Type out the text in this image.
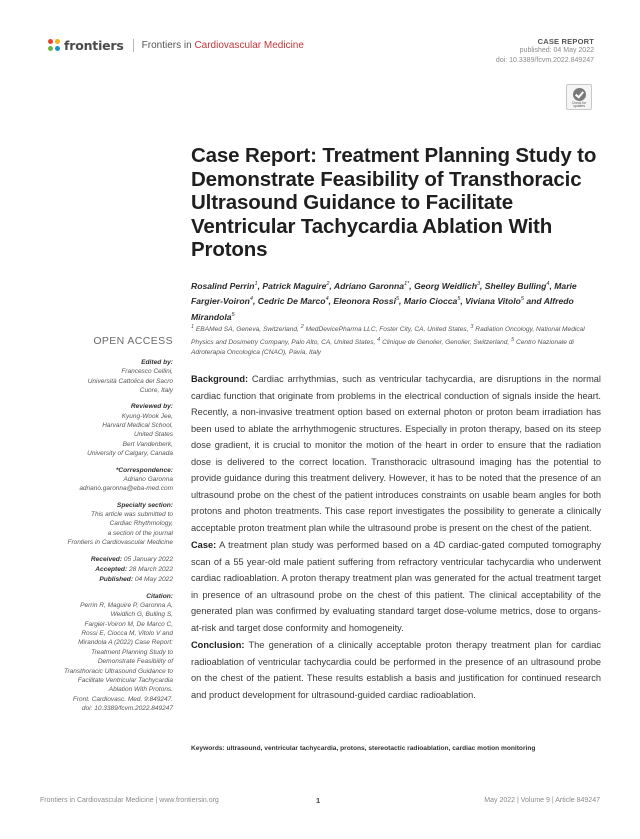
frontiers Frontiers in Cardiovascular Medicine	CASE REPORT
published: 04 May 2022
doi: 10.3389/fcvm.2022.849247
Check for updates
Case Report: Treatment Planning Study to Demonstrate Feasibility of Transthoracic Ultrasound Guidance to Facilitate Ventricular Tachycardia Ablation With Protons
Rosalind Perrin$^1$, Patrick Maguire$^2$, Adriano Garonna$^{1*}$, Georg Weidlich$^3$, Shelley Bulling$^4$, Marie Fargier-Voiron$^4$, Cedric De Marco$^4$, Eleonora Rossi$^5$, Mario Ciocca$^5$, Viviana Vitolo$^5$ and Alfredo Mirandola$^5$
$^1$ EBAMed SA, Geneva, Switzerland, $^2$ MedDevicePharma LLC, Foster City, CA, United States, $^3$ Radiation Oncology, National Medical Physics and Dosimetry Company, Palo Alto, CA, United States, $^4$ Clinique de Genolier, Genolier, Switzerland, $^5$ Centro Nazionale di Adroterapia Oncologica (CNAO), Pavia, Italy
OPEN ACCESS
Edited by:
Francesco Cellini,
Università Cattolica del Sacro
Cuore, Italy
Reviewed by:
Kyung-Wook Jee,
Harvard Medical School,
United States
Bert Vandenberk,
University of Calgary, Canada
*Correspondence:
Adriano Garonna
adriano.garonna@eba-med.com
Specialty section:
This article was submitted to
Cardiac Rhythmology,
a section of the journal
Frontiers in Cardiovascular Medicine
Received: 05 January 2022
Accepted: 28 March 2022
Published: 04 May 2022
Citation:
Perrin R, Maguire P, Garonna A,
Weidlich G, Bulling S,
Fargier-Voiron M, De Marco C,
Rossi E, Ciocca M, Vitolo V and
Mirandola A (2022) Case Report:
Treatment Planning Study to
Demonstrate Feasibility of
Transthoracic Ultrasound Guidance to
Facilitate Ventricular Tachycardia
Ablation With Protons.
Front. Cardiovasc. Med. 9:849247.
doi: 10.3389/fcvm.2022.849247

Background: Cardiac arrhythmias, such as ventricular tachycardia, are disruptions in the normal cardiac function that originate from problems in the electrical conduction of signals inside the heart. Recently, a non-invasive treatment option based on external photon or proton beam irradiation has been used to ablate the arrhythmogenic structures. Especially in proton therapy, based on its steep dose gradient, it is crucial to monitor the motion of the heart in order to ensure that the radiation dose is delivered to the correct location. Transthoracic ultrasound imaging has the potential to provide guidance during this treatment delivery. However, it has to be noted that the presence of an ultrasound probe on the chest of the patient introduces constraints on usable beam angles for both protons and photon treatments. This case report investigates the possibility to generate a clinically acceptable proton treatment plan while the ultrasound probe is present on the chest of the patient.

Case: A treatment plan study was performed based on a 4D cardiac-gated computed tomography scan of a 55 year-old male patient suffering from refractory ventricular tachycardia who underwent cardiac radioablation. A proton therapy treatment plan was generated for the actual treatment target in presence of an ultrasound probe on the chest of this patient. The clinical acceptability of the generated plan was confirmed by evaluating standard target dose-volume metrics, dose to organs-at-risk and target dose conformity and homogeneity.

Conclusion: The generation of a clinically acceptable proton therapy treatment plan for cardiac radioablation of ventricular tachycardia could be performed in the presence of an ultrasound probe on the chest of the patient. These results establish a basis and justification for continued research and product development for ultrasound-guided cardiac radioablation.

Keywords: ultrasound, ventricular tachycardia, protons, stereotactic radioablation, cardiac motion monitoring
Frontiers in Cardiovascular Medicine | www.frontiersin.org	1	May 2022 | Volume 9 | Article 849247
